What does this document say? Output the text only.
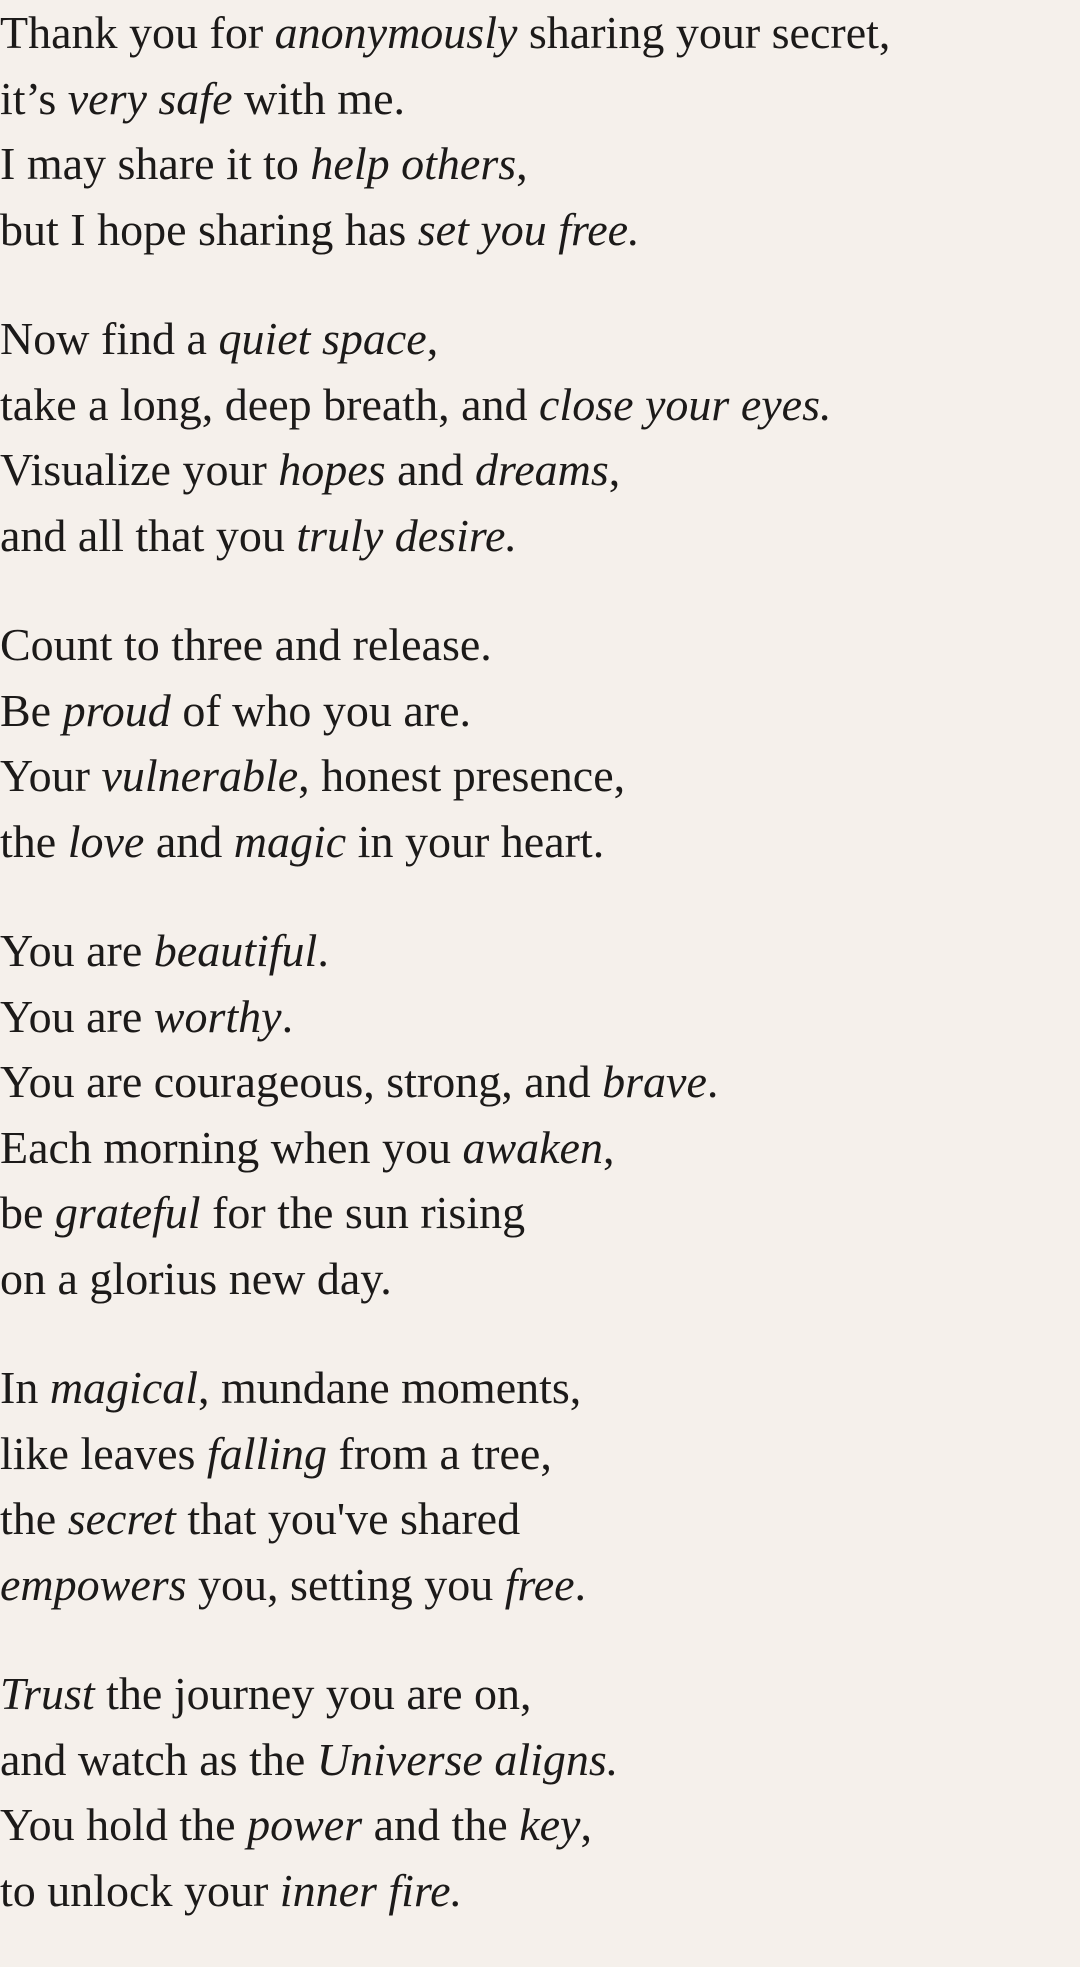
Thank you for anonymously sharing your secret,
it’s very safe with me.
I may share it to help others,
but I hope sharing has set you free.
Now find a quiet space,
take a long, deep breath, and close your eyes.
Visualize your hopes and dreams,
and all that you truly desire.
Count to three and release.
Be proud of who you are.
Your vulnerable, honest presence,
the love and magic in your heart.
You are beautiful.
You are worthy.
You are courageous, strong, and brave.
Each morning when you awaken,
be grateful for the sun rising
on a glorius new day.
In magical, mundane moments,
like leaves falling from a tree,
the secret that you've shared
empowers you, setting you free.
Trust the journey you are on,
and watch as the Universe aligns.
You hold the power and the key,
to unlock your inner fire.
